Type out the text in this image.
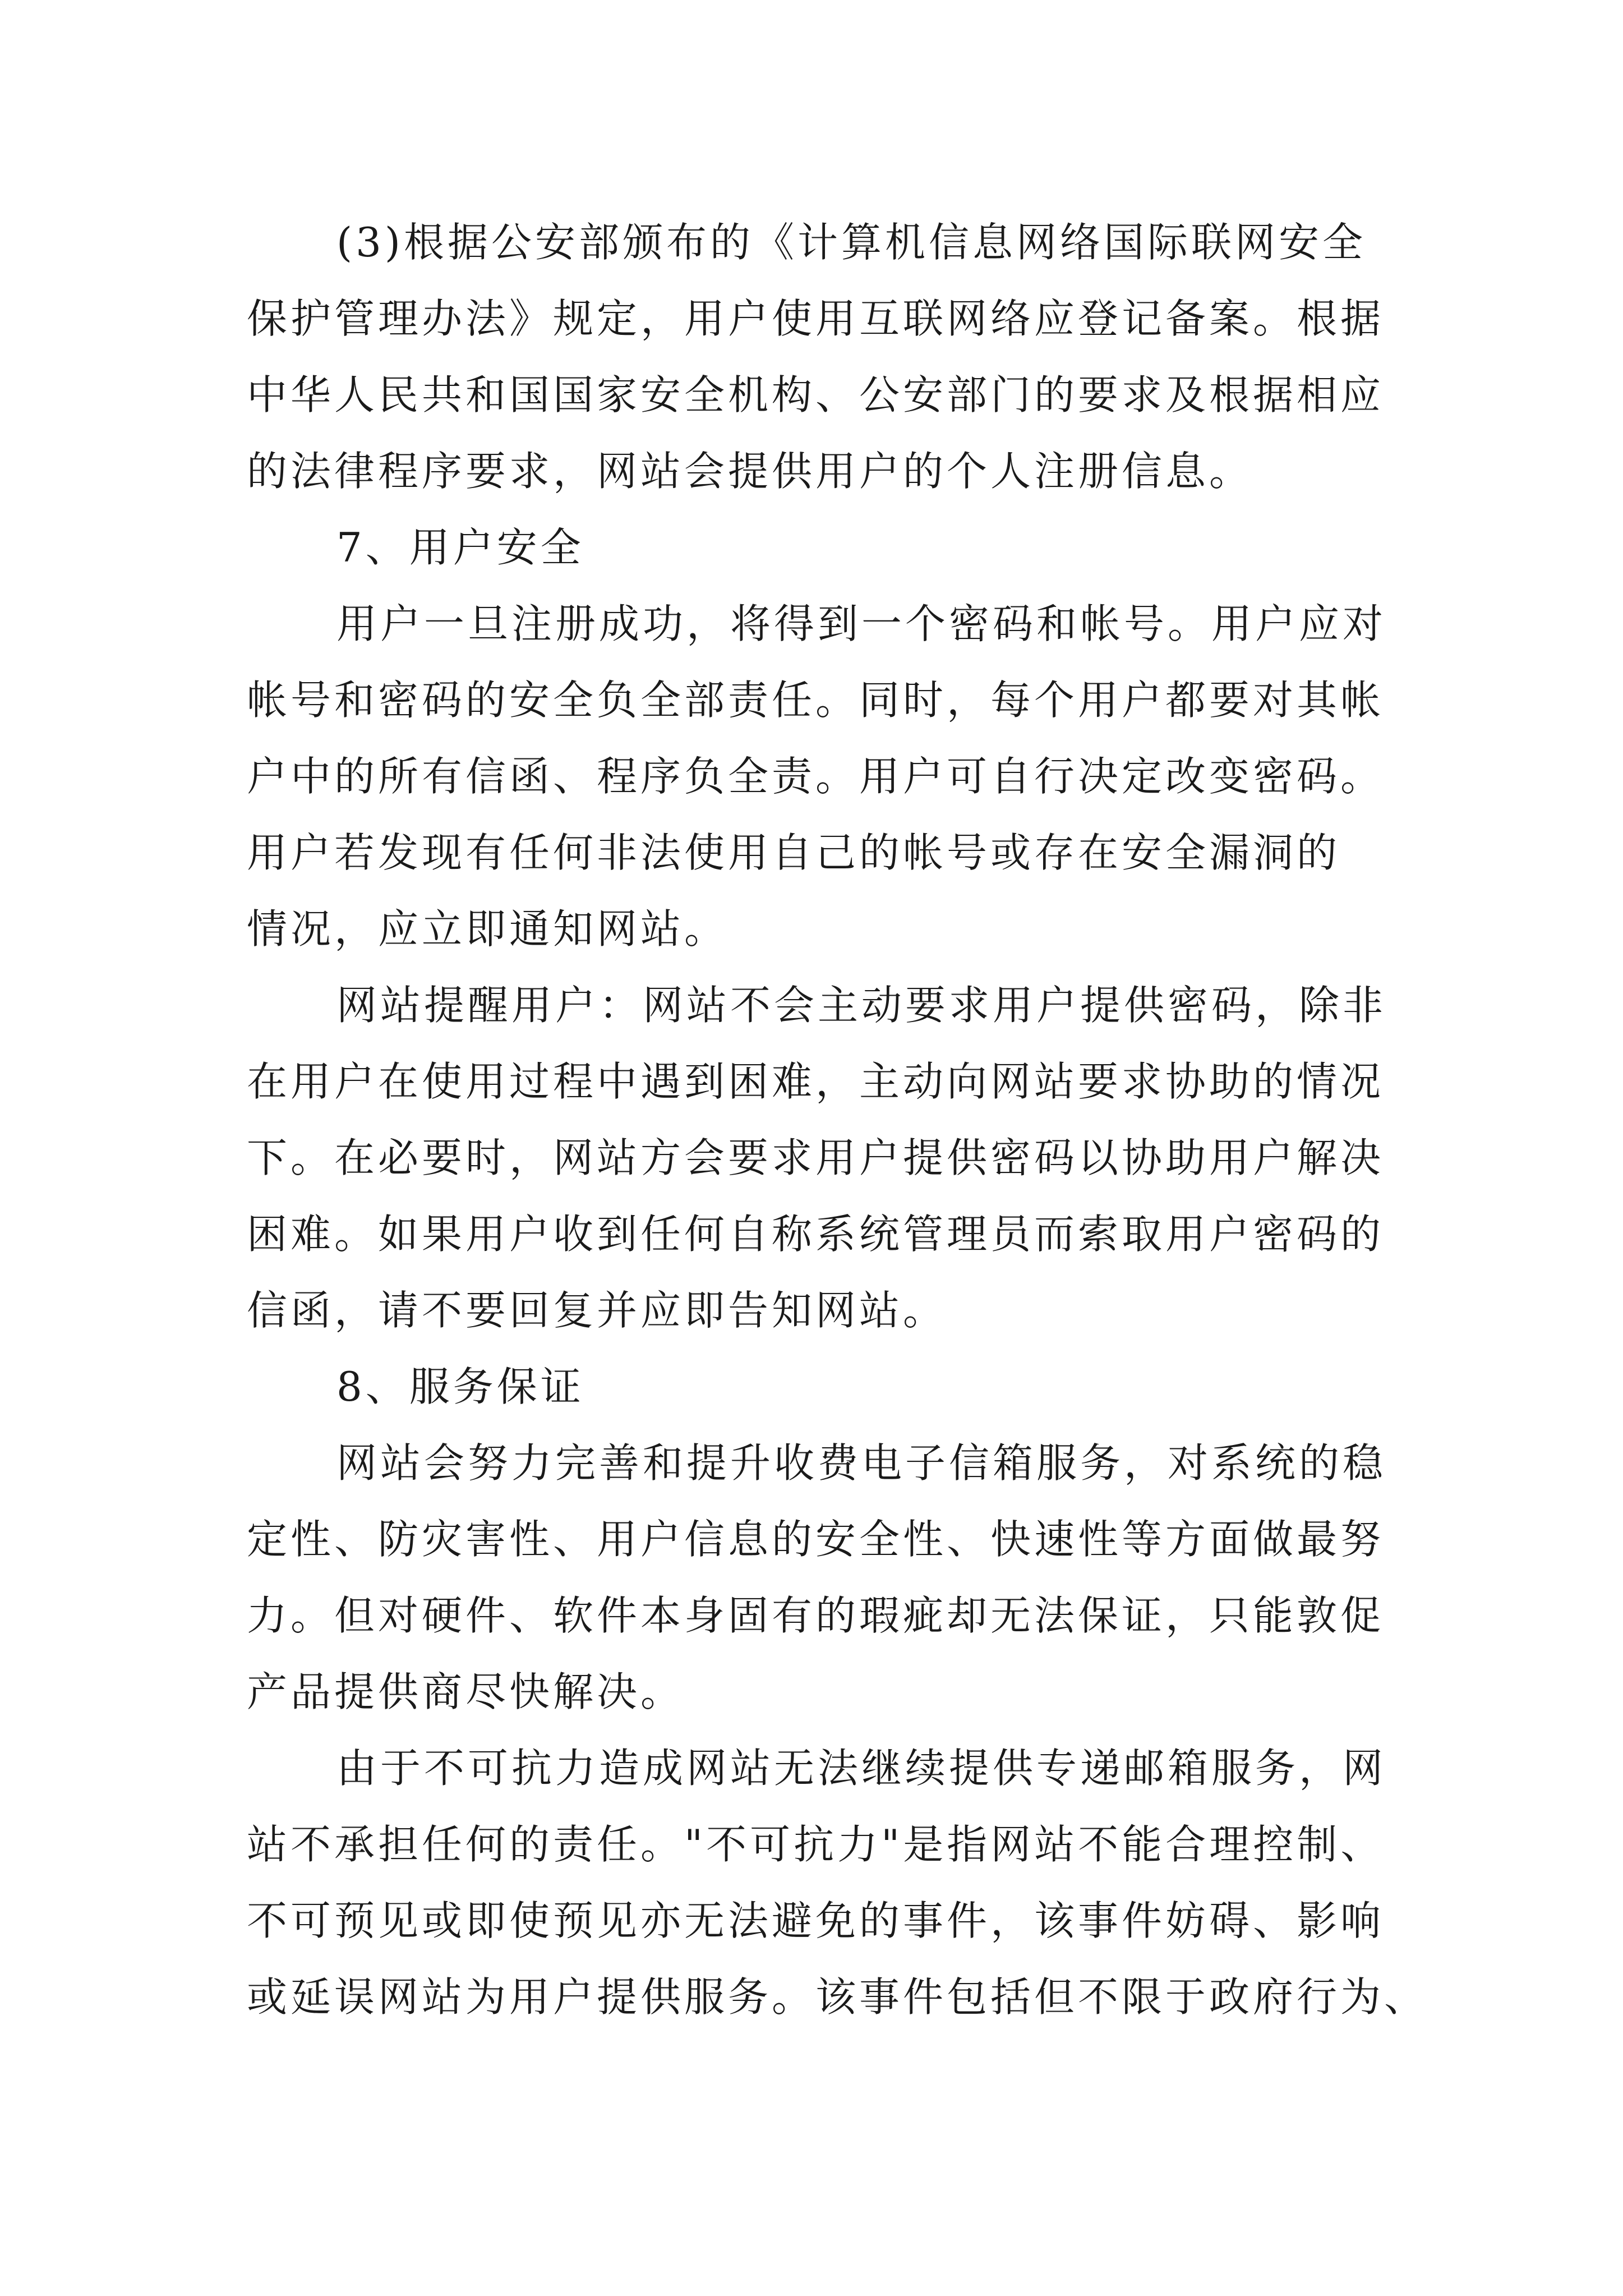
(3)根据公安部颁布的《计算机信息网络国际联网安全
保护管理办法》规定，用户使用互联网络应登记备案。根据
中华人民共和国国家安全机构、公安部门的要求及根据相应
的法律程序要求，网站会提供用户的个人注册信息。
7、用户安全
用户一旦注册成功，将得到一个密码和帐号。用户应对
帐号和密码的安全负全部责任。同时，每个用户都要对其帐
户中的所有信函、程序负全责。用户可自行决定改变密码。
用户若发现有任何非法使用自己的帐号或存在安全漏洞的
情况，应立即通知网站。
网站提醒用户：网站不会主动要求用户提供密码，除非
在用户在使用过程中遇到困难，主动向网站要求协助的情况
下。在必要时，网站方会要求用户提供密码以协助用户解决
困难。如果用户收到任何自称系统管理员而索取用户密码的
信函，请不要回复并应即告知网站。
8、服务保证
网站会努力完善和提升收费电子信箱服务，对系统的稳
定性、防灾害性、用户信息的安全性、快速性等方面做最努
力。但对硬件、软件本身固有的瑕疵却无法保证，只能敦促
产品提供商尽快解决。
由于不可抗力造成网站无法继续提供专递邮箱服务，网
站不承担任何的责任。"不可抗力"是指网站不能合理控制、
不可预见或即使预见亦无法避免的事件，该事件妨碍、影响
或延误网站为用户提供服务。该事件包括但不限于政府行为、
